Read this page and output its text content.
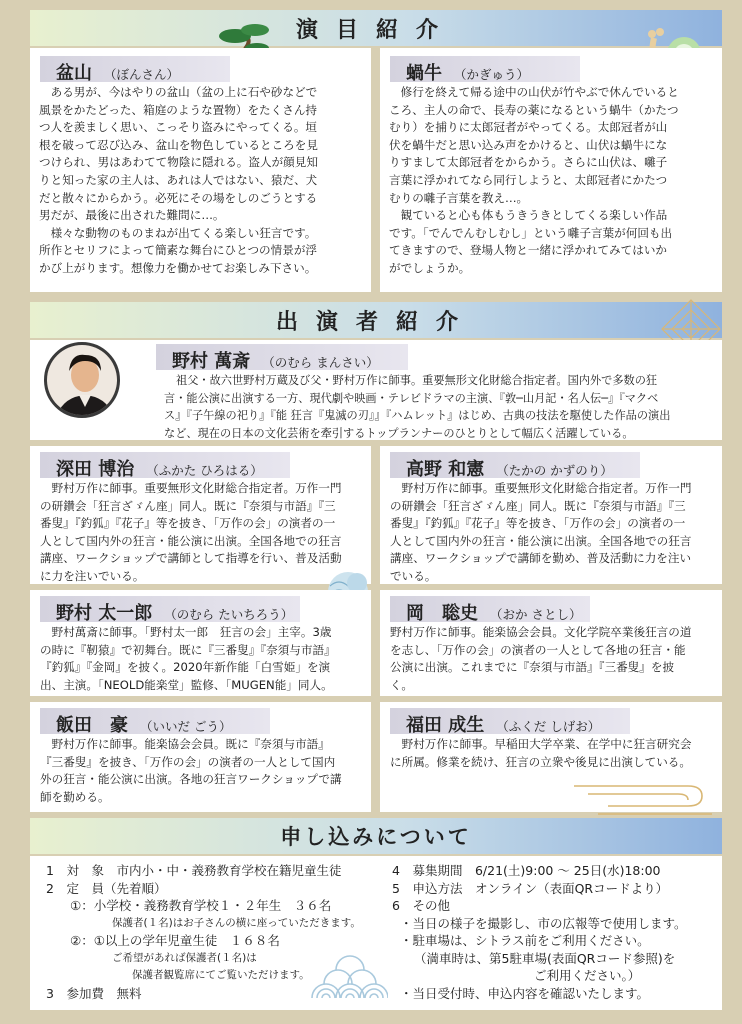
演目紹介
盆山 （ぼんさん）
ある男が、今はやりの盆山（盆の上に石や砂などで
風景をかたどった、箱庭のような置物）をたくさん持
つ人を羨ましく思い、こっそり盗みにやってくる。垣
根を破って忍び込み、盆山を物色しているところを見
つけられ、男はあわてて物陰に隠れる。盗人が顔見知
りと知った家の主人は、あれは人ではない、猿だ、犬
だと散々にからかう。必死にその場をしのごうとする
男だが、最後に出された難問に…。
様々な動物のものまねが出てくる楽しい狂言です。
所作とセリフによって簡素な舞台にひとつの情景が浮
かび上がります。想像力を働かせてお楽しみ下さい。
蝸牛 （かぎゅう）
修行を終えて帰る途中の山伏が竹やぶで休んでいると
ころ、主人の命で、長寿の薬になるという蝸牛（かたつ
むり）を捕りに太郎冠者がやってくる。太郎冠者が山
伏を蝸牛だと思い込み声をかけると、山伏は蝸牛にな
りすまして太郎冠者をからかう。さらに山伏は、囃子
言葉に浮かれてなら同行しようと、太郎冠者にかたつ
むりの囃子言葉を教え…。
観ていると心も体もうきうきとしてくる楽しい作品
です。「でんでんむしむし」という囃子言葉が何回も出
てきますので、登場人物と一緒に浮かれてみてはいか
がでしょうか。
出演者紹介
野村 萬斎 （のむら まんさい）
祖父・故六世野村万蔵及び父・野村万作に師事。重要無形文化財総合指定者。国内外で多数の狂
言・能公演に出演する一方、現代劇や映画・テレビドラマの主演、『敦─山月記・名人伝─』『マクベ
ス』『子午線の祀り』『能 狂言『鬼滅の刃』』『ハムレット』はじめ、古典の技法を駆使した作品の演出
など、現在の日本の文化芸術を牽引するトップランナーのひとりとして幅広く活躍している。
深田 博治 （ふかた ひろはる）
野村万作に師事。重要無形文化財総合指定者。万作一門
の研鑽会「狂言ざゞん座」同人。既に『奈須与市語』『三
番叟』『釣狐』『花子』等を披き、「万作の会」の演者の一
人として国内外の狂言・能公演に出演。全国各地での狂言
講座、ワークショップで講師として指導を行い、普及活動
に力を注いでいる。
高野 和憲 （たかの かずのり）
野村万作に師事。重要無形文化財総合指定者。万作一門
の研鑽会「狂言ざゞん座」同人。既に『奈須与市語』『三
番叟』『釣狐』『花子』等を披き、「万作の会」の演者の一
人として国内外の狂言・能公演に出演。全国各地での狂言
講座、ワークショップで講師を勤め、普及活動に力を注い
でいる。
野村 太一郎 （のむら たいちろう）
野村萬斎に師事。「野村太一郎　狂言の会」主宰。3歳
の時に『靭猿』で初舞台。既に『三番叟』『奈須与市語』
『釣狐』『金岡』を披く。2020年新作能「白雪姫」を演
出、主演。「NEOLD能楽堂」監修、「MUGEN能」同人。
岡　聡史 （おか さとし）
野村万作に師事。能楽協会会員。文化学院卒業後狂言の道
を志し、「万作の会」の演者の一人として各地の狂言・能
公演に出演。これまでに『奈須与市語』『三番叟』を披
く。
飯田　豪 （いいだ ごう）
野村万作に師事。能楽協会会員。既に『奈須与市語』
『三番叟』を披き、「万作の会」の演者の一人として国内
外の狂言・能公演に出演。各地の狂言ワークショップで講
師を勤める。
福田 成生 （ふくだ しげお）
野村万作に師事。早稲田大学卒業、在学中に狂言研究会
に所属。修業を続け、狂言の立衆や後見に出演している。
申し込みについて
1　対　象　市内小・中・義務教育学校在籍児童生徒
2　定　員（先着順）
①：小学校・義務教育学校１・２年生　３６名
保護者(１名)はお子さんの横に座っていただきます。
②：①以上の学年児童生徒　１６８名
ご希望があれば保護者(１名)は
保護者観覧席にてご覧いただけます。
3　参加費　無料
4　募集期間　6/21(土)9:00 ～ 25日(水)18:00
5　申込方法　オンライン（表面QRコードより）
6　その他
・当日の様子を撮影し、市の広報等で使用します。
・駐車場は、シトラス前をご利用ください。
（満車時は、第5駐車場(表面QRコード参照)を
ご利用ください。）
・当日受付時、申込内容を確認いたします。
